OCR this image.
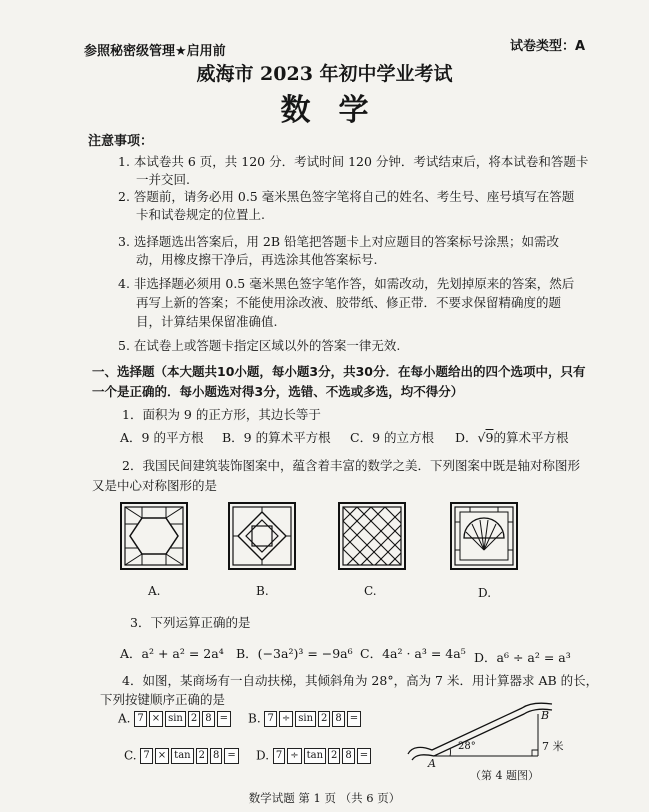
参照秘密级管理★启用前	试卷类型：A
威海市 2023 年初中学业考试
数学
注意事项：
1. 本试卷共 6 页，共 120 分．考试时间 120 分钟．考试结束后，将本试卷和答题卡
一并交回.
2. 答题前，请务必用 0.5 毫米黑色签字笔将自己的姓名、考生号、座号填写在答题
卡和试卷规定的位置上.
3. 选择题选出答案后，用 2B 铅笔把答题卡上对应题目的答案标号涂黑；如需改
动，用橡皮擦干净后，再选涂其他答案标号.
4. 非选择题必须用 0.5 毫米黑色签字笔作答，如需改动，先划掉原来的答案，然后
再写上新的答案；不能使用涂改液、胶带纸、修正带．不要求保留精确度的题
目，计算结果保留准确值.
5. 在试卷上或答题卡指定区域以外的答案一律无效.
一、选择题（本大题共10小题，每小题3分，共30分．在每小题给出的四个选项中，只有
一个是正确的．每小题选对得3分，选错、不选或多选，均不得分）
1．面积为 9 的正方形，其边长等于
A．9 的平方根 B．9 的算术平方根 C．9 的立方根 D．√9的算术平方根
2．我国民间建筑装饰图案中，蕴含着丰富的数学之美．下列图案中既是轴对称图形
又是中心对称图形的是
A.	B.	C.	D.
3．下列运算正确的是
A．a² + a² = 2a⁴ B．(−3a²)³ = −9a⁶ C．4a² · a³ = 4a⁵ D．a⁶ ÷ a² = a³
4．如图，某商场有一自动扶梯，其倾斜角为 28°，高为 7 米．用计算器求 AB 的长，
下列按键顺序正确的是
A. 7 × sin 2 8 =	B. 7 ÷ sin 2 8 =
C. 7 × tan 2 8 =	D. 7 ÷ tan 2 8 =
28°	7 米
A
B
（第 4 题图）
数学试题 第 1 页 （共 6 页）
